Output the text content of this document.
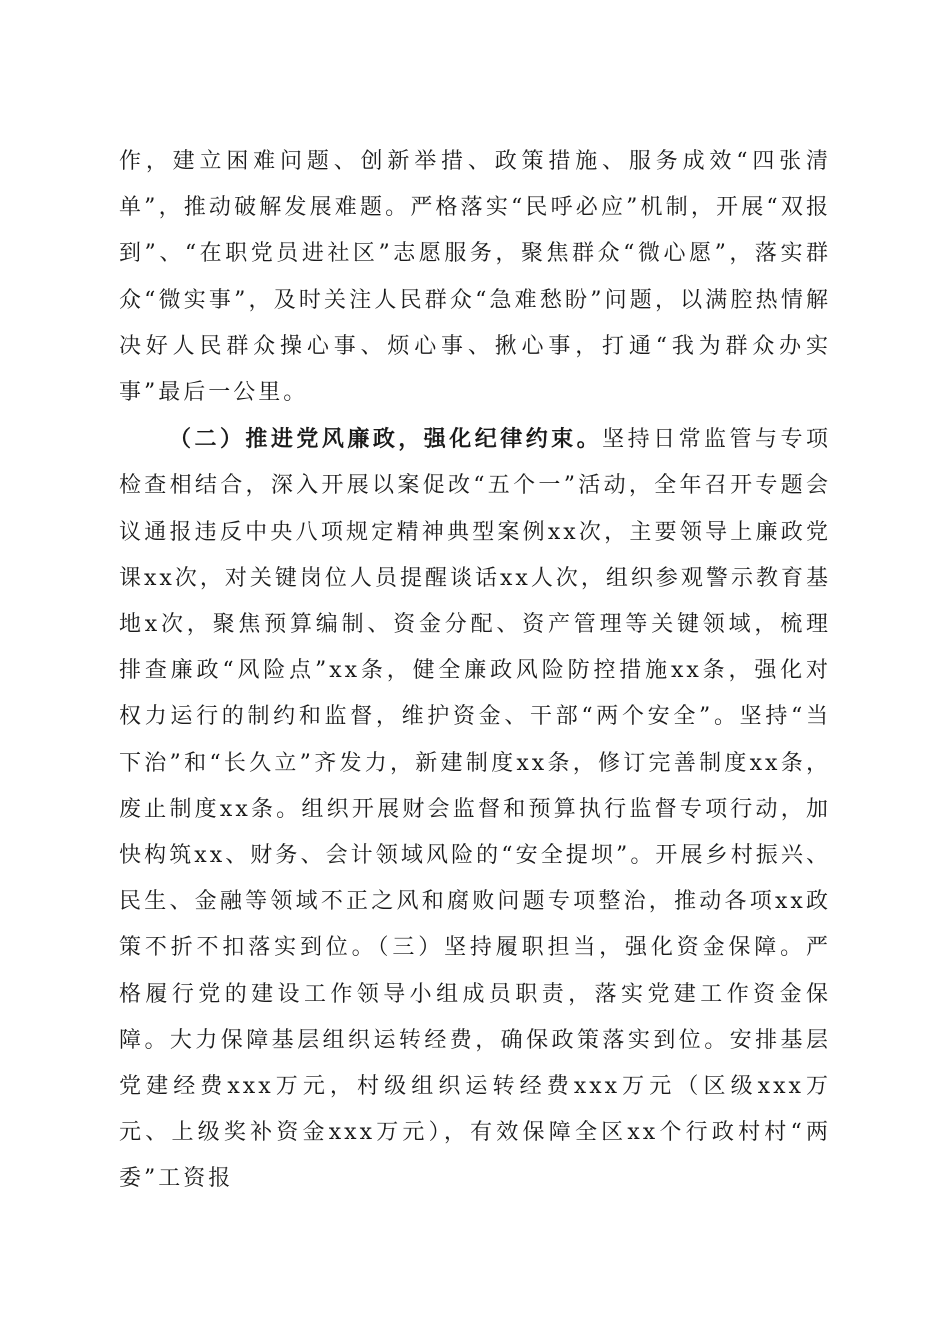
作，建立困难问题、创新举措、政策措施、服务成效“四张清单”，推动破解发展难题。严格落实“民呼必应”机制，开展“双报到”、“在职党员进社区”志愿服务，聚焦群众“微心愿”，落实群众“微实事”，及时关注人民群众“急难愁盼”问题，以满腔热情解决好人民群众操心事、烦心事、揪心事，打通“我为群众办实事”最后一公里。

（二）推进党风廉政，强化纪律约束。坚持日常监管与专项检查相结合，深入开展以案促改“五个一”活动，全年召开专题会议通报违反中央八项规定精神典型案例xx次，主要领导上廉政党课xx次，对关键岗位人员提醒谈话xx人次，组织参观警示教育基地x次，聚焦预算编制、资金分配、资产管理等关键领域，梳理排查廉政“风险点”xx条，健全廉政风险防控措施xx条，强化对权力运行的制约和监督，维护资金、干部“两个安全”。坚持“当下治”和“长久立”齐发力，新建制度xx条，修订完善制度xx条，废止制度xx条。组织开展财会监督和预算执行监督专项行动，加快构筑xx、财务、会计领域风险的“安全提坝”。开展乡村振兴、民生、金融等领域不正之风和腐败问题专项整治，推动各项xx政策不折不扣落实到位。（三）坚持履职担当，强化资金保障。严格履行党的建设工作领导小组成员职责，落实党建工作资金保障。大力保障基层组织运转经费，确保政策落实到位。安排基层党建经费xxx万元，村级组织运转经费xxx万元（区级xxx万元、上级奖补资金xxx万元），有效保障全区xx个行政村村“两委”工资报
